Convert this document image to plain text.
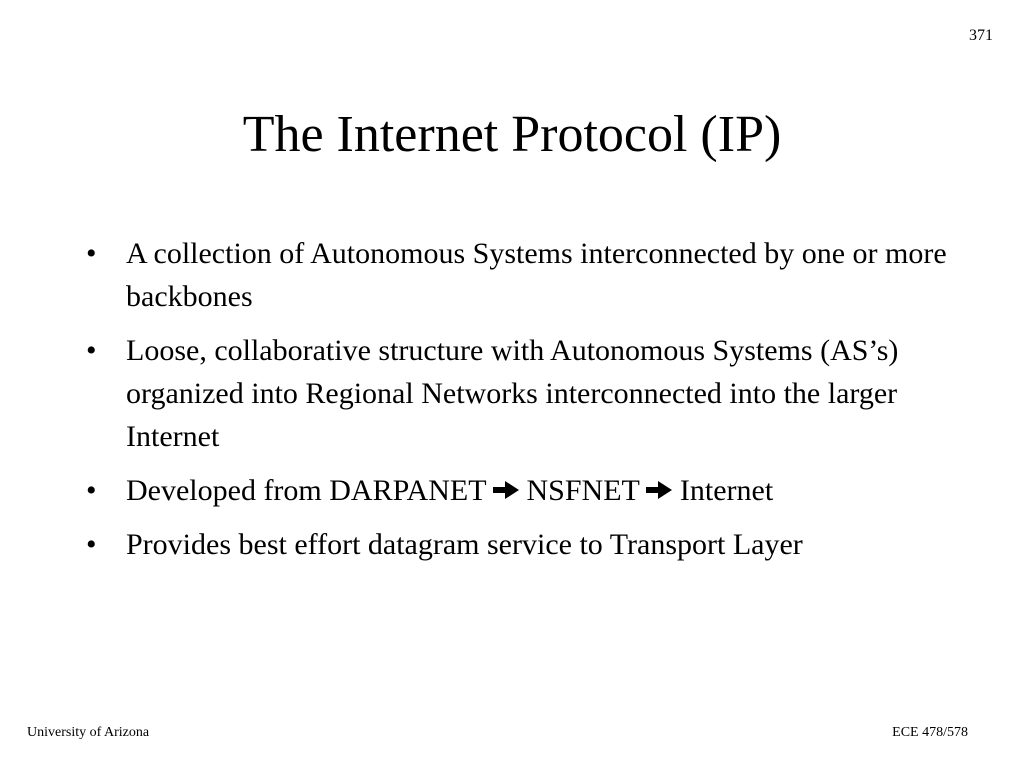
371
The Internet Protocol (IP)
• A collection of Autonomous Systems interconnected by one or more backbones
• Loose, collaborative structure with Autonomous Systems (AS’s) organized into Regional Networks interconnected into the larger Internet
• Developed from DARPANET NSFNET Internet
• Provides best effort datagram service to Transport Layer
University of Arizona	ECE 478/578
